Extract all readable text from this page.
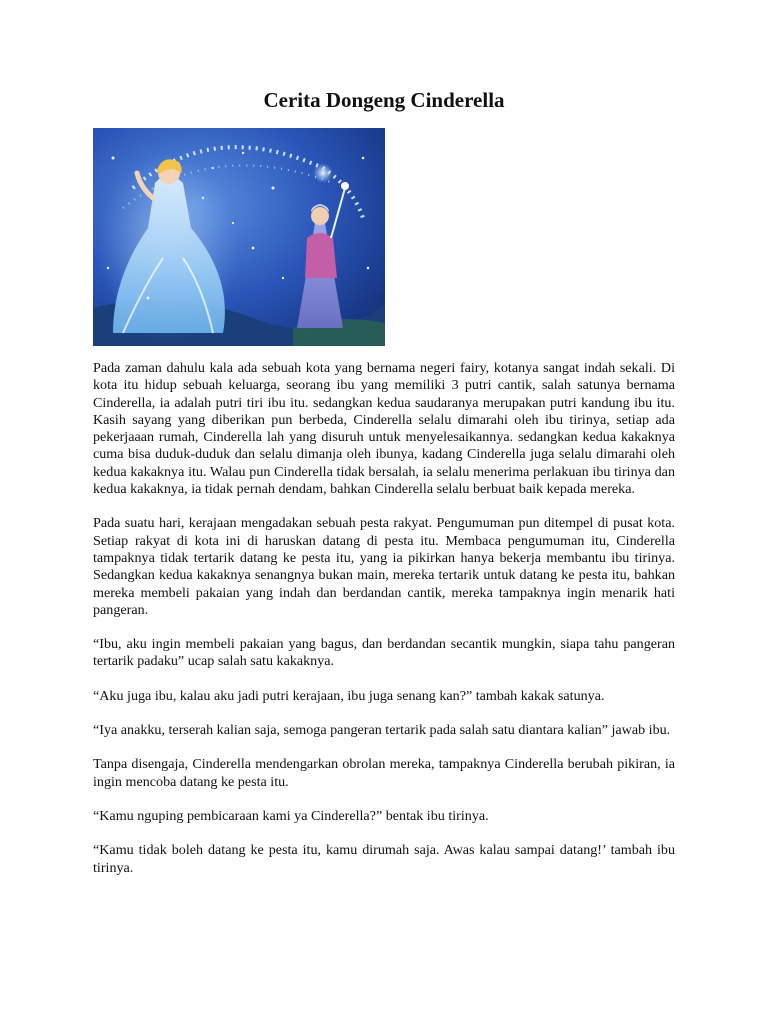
Cerita Dongeng Cinderella

Pada zaman dahulu kala ada sebuah kota yang bernama negeri fairy, kotanya sangat indah sekali. Di kota itu hidup sebuah keluarga, seorang ibu yang memiliki 3 putri cantik, salah satunya bernama Cinderella, ia adalah putri tiri ibu itu. sedangkan kedua saudaranya merupakan putri kandung ibu itu. Kasih sayang yang diberikan pun berbeda, Cinderella selalu dimarahi oleh ibu tirinya, setiap ada pekerjaaan rumah, Cinderella lah yang disuruh untuk menyelesaikannya. sedangkan kedua kakaknya cuma bisa duduk-duduk dan selalu dimanja oleh ibunya, kadang Cinderella juga selalu dimarahi oleh kedua kakaknya itu. Walau pun Cinderella tidak bersalah, ia selalu menerima perlakuan ibu tirinya dan kedua kakaknya, ia tidak pernah dendam, bahkan Cinderella selalu berbuat baik kepada mereka.

Pada suatu hari, kerajaan mengadakan sebuah pesta rakyat. Pengumuman pun ditempel di pusat kota. Setiap rakyat di kota ini di haruskan datang di pesta itu. Membaca pengumuman itu, Cinderella tampaknya tidak tertarik datang ke pesta itu, yang ia pikirkan hanya bekerja membantu ibu tirinya. Sedangkan kedua kakaknya senangnya bukan main, mereka tertarik untuk datang ke pesta itu, bahkan mereka membeli pakaian yang indah dan berdandan cantik, mereka tampaknya ingin menarik hati pangeran.

“Ibu, aku ingin membeli pakaian yang bagus, dan berdandan secantik mungkin, siapa tahu pangeran tertarik padaku” ucap salah satu kakaknya.

“Aku juga ibu, kalau aku jadi putri kerajaan, ibu juga senang kan?” tambah kakak satunya.

“Iya anakku, terserah kalian saja, semoga pangeran tertarik pada salah satu diantara kalian” jawab ibu.

Tanpa disengaja, Cinderella mendengarkan obrolan mereka, tampaknya Cinderella berubah pikiran, ia ingin mencoba datang ke pesta itu.

“Kamu nguping pembicaraan kami ya Cinderella?” bentak ibu tirinya.

“Kamu tidak boleh datang ke pesta itu, kamu dirumah saja. Awas kalau sampai datang!’ tambah ibu tirinya.
